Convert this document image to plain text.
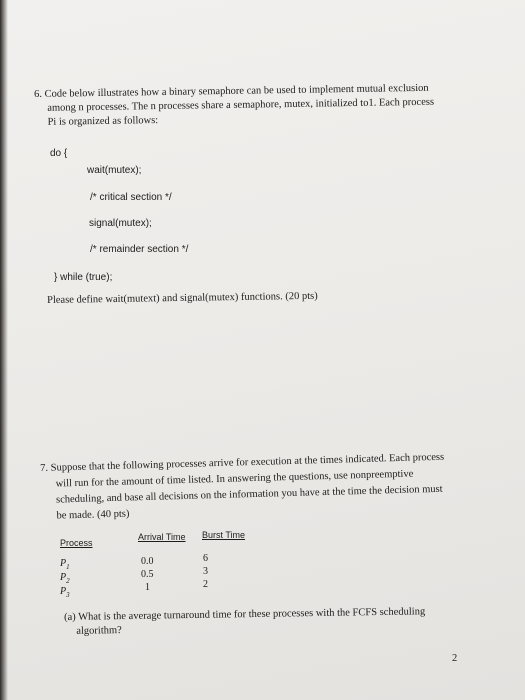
6. Code below illustrates how a binary semaphore can be used to implement mutual exclusion
among n processes. The n processes share a semaphore, mutex, initialized to1. Each process
Pi is organized as follows:
do {
wait(mutex);
/* critical section */
signal(mutex);
/* remainder section */
} while (true);
Please define wait(mutext) and signal(mutex) functions. (20 pts)
7. Suppose that the following processes arrive for execution at the times indicated. Each process
will run for the amount of time listed. In answering the questions, use nonpreemptive
scheduling, and base all decisions on the information you have at the time the decision must
be made. (40 pts)
Process
Arrival Time Burst Time
$P_1$
$P_2$
$P_3$
0.0
0.5
1
6
3
2
(a) What is the average turnaround time for these processes with the FCFS scheduling
algorithm?
2
